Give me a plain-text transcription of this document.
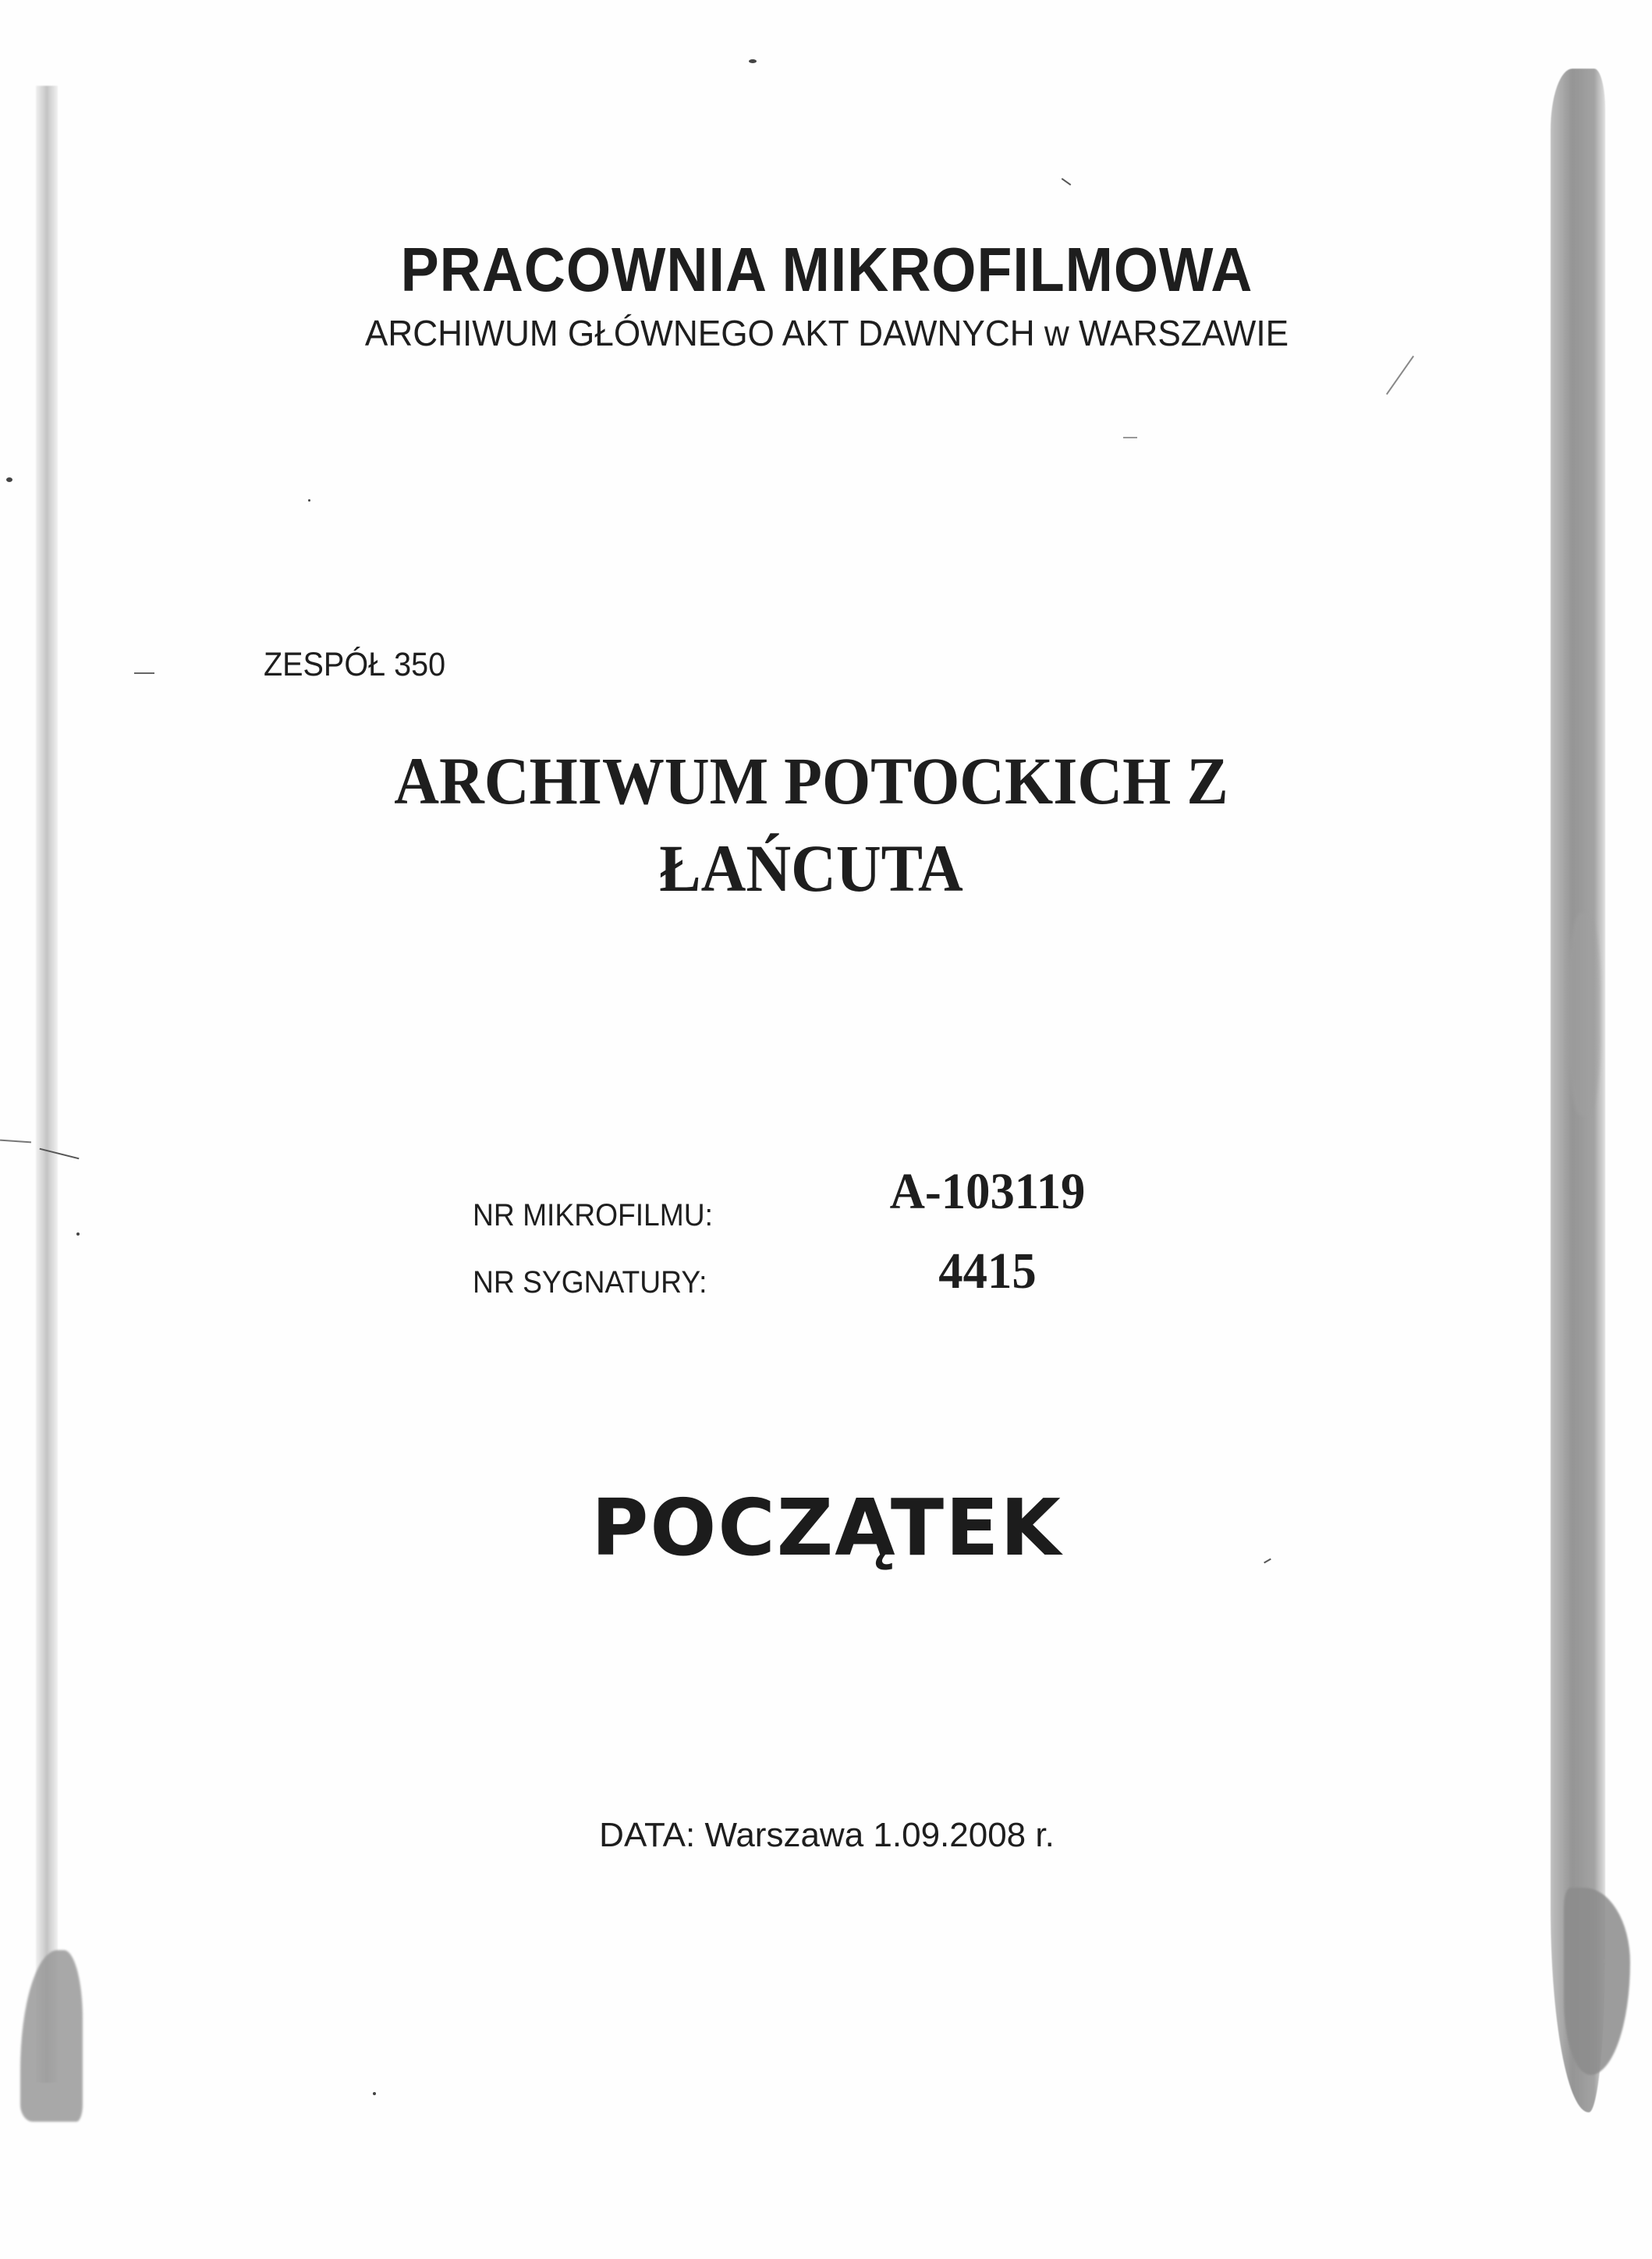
PRACOWNIA MIKROFILMOWA
ARCHIWUM GŁÓWNEGO AKT DAWNYCH w WARSZAWIE
ZESPÓŁ 350
ARCHIWUM POTOCKICH Z
ŁAŃCUTA
NR MIKROFILMU:	A-103119
NR SYGNATURY:	4415
POCZĄTEK
DATA: Warszawa 1.09.2008 r.
